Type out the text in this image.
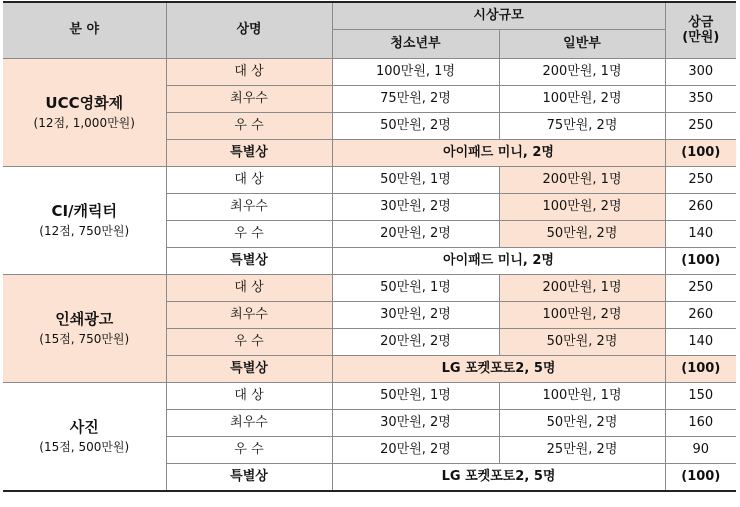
분 야	상명	시상규모		상금
(만원)
		청소년부	일반부	

UCC영화제
(12점, 1,000만원)	대 상	100만원, 1명	200만원, 1명	300
	최우수	75만원, 2명	100만원, 2명	350
	우 수	50만원, 2명	75만원, 2명	250
	특별상	아이패드 미니, 2명		(100)

CI/캐릭터
(12점, 750만원)	대 상	50만원, 1명	200만원, 1명	250
	최우수	30만원, 2명	100만원, 2명	260
	우 수	20만원, 2명	50만원, 2명	140
	특별상	아이패드 미니, 2명		(100)

인쇄광고
(15점, 750만원)	대 상	50만원, 1명	200만원, 1명	250
	최우수	30만원, 2명	100만원, 2명	260
	우 수	20만원, 2명	50만원, 2명	140
	특별상	LG 포켓포토2, 5명		(100)

사진
(15점, 500만원)	대 상	50만원, 1명	100만원, 1명	150
	최우수	30만원, 2명	50만원, 2명	160
	우 수	20만원, 2명	25만원, 2명	90
	특별상	LG 포켓포토2, 5명		(100)
